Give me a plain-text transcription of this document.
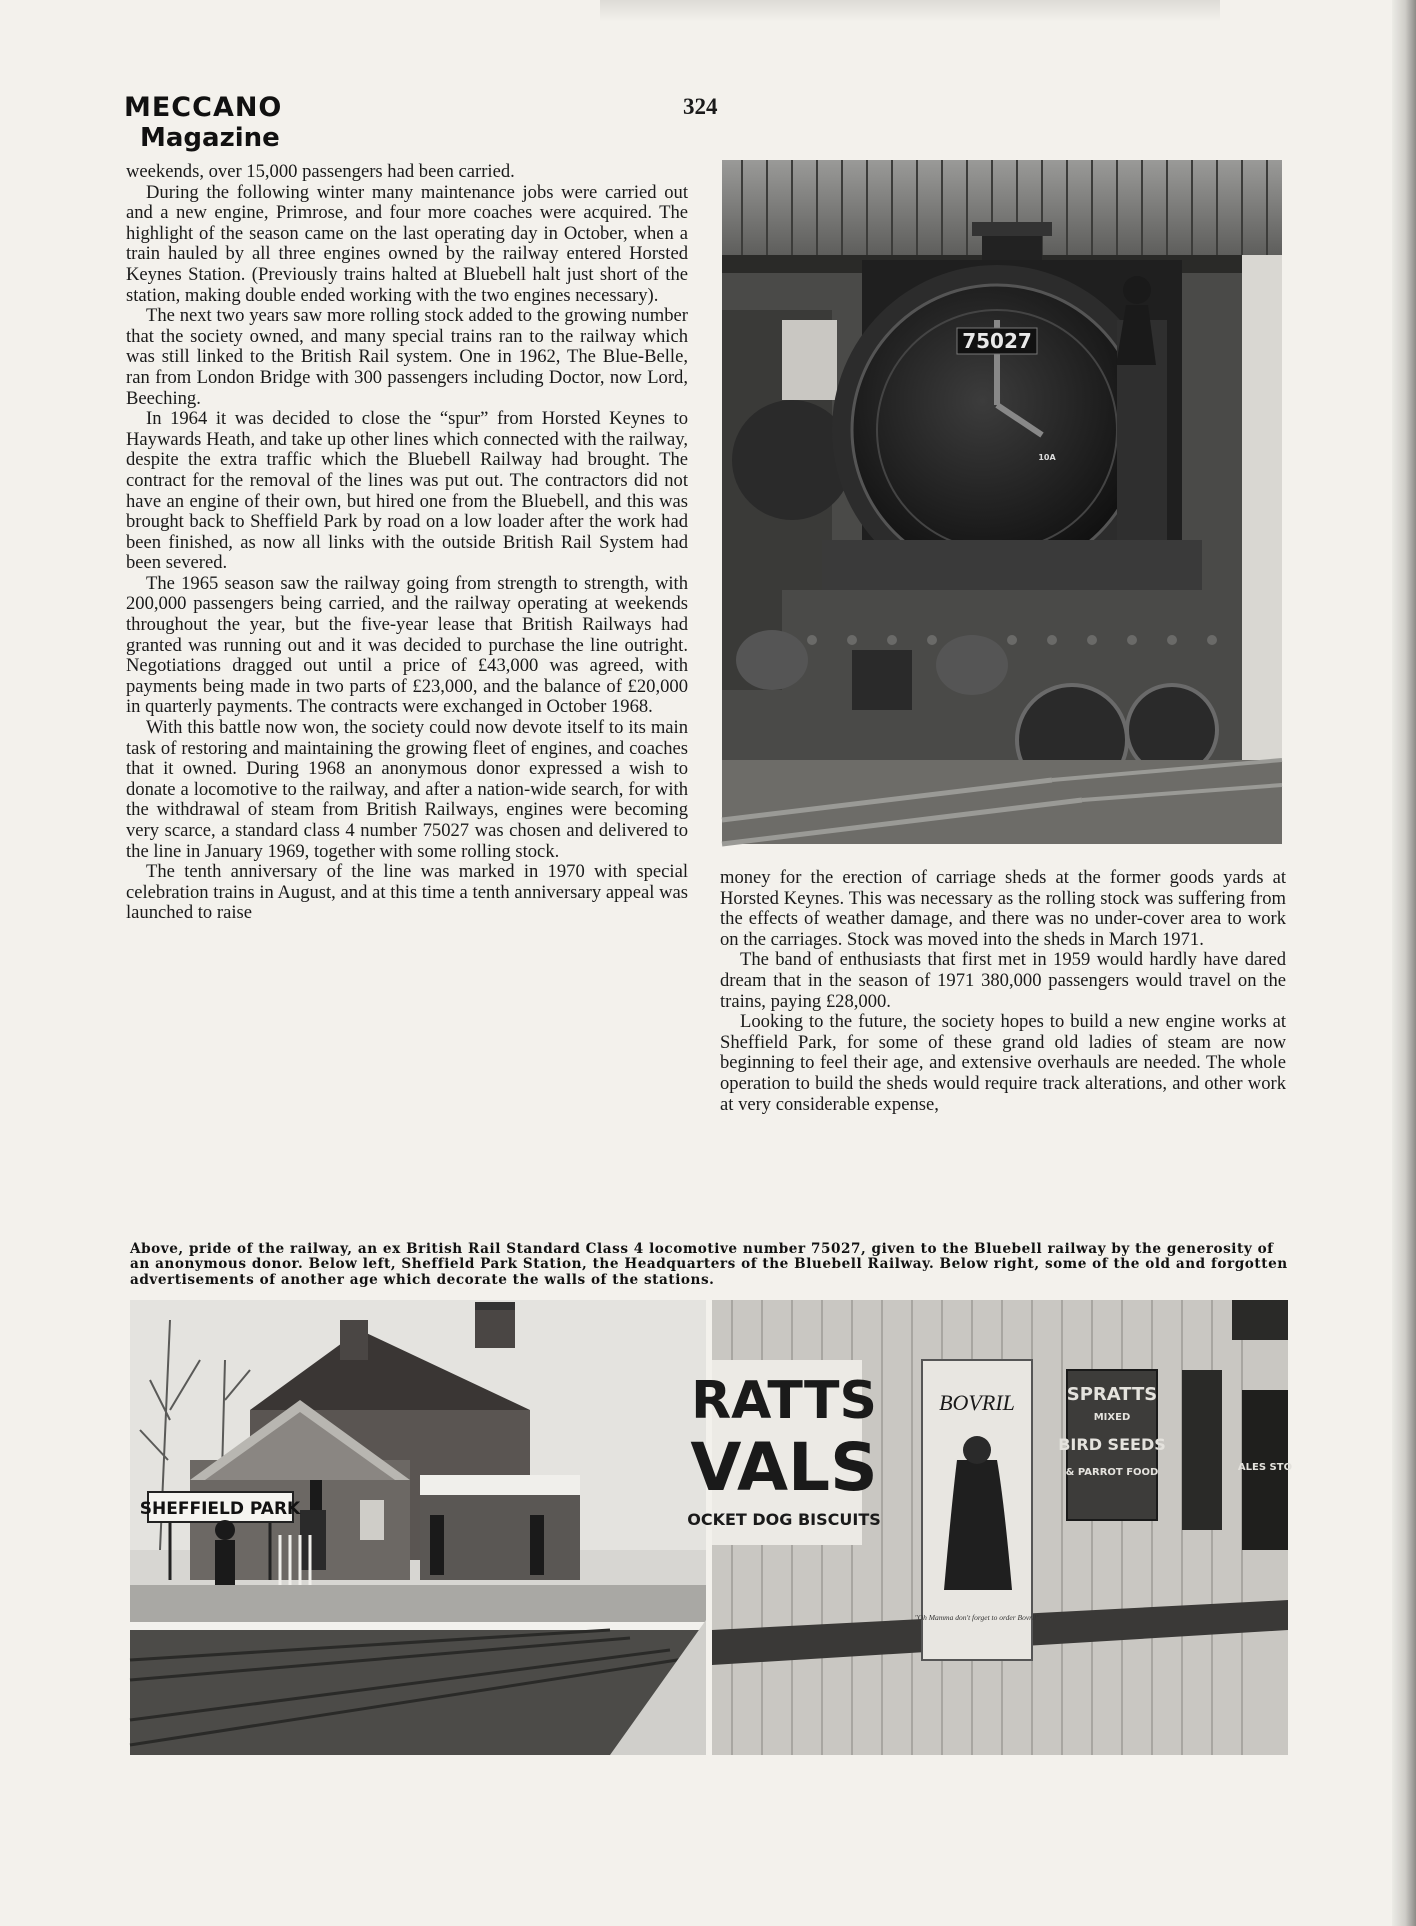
MECCANO
Magazine
324

weekends, over 15,000 passengers had been carried.

During the following winter many maintenance jobs were carried out and a new engine, Primrose, and four more coaches were acquired. The highlight of the season came on the last operating day in October, when a train hauled by all three engines owned by the railway entered Horsted Keynes Station. (Previously trains halted at Bluebell halt just short of the station, making double ended working with the two engines necessary).

The next two years saw more rolling stock added to the growing number that the society owned, and many special trains ran to the railway which was still linked to the British Rail system. One in 1962, The Blue-Belle, ran from London Bridge with 300 passengers including Doctor, now Lord, Beeching.

In 1964 it was decided to close the “spur” from Horsted Keynes to Haywards Heath, and take up other lines which connected with the railway, despite the extra traffic which the Bluebell Railway had brought. The contract for the removal of the lines was put out. The contractors did not have an engine of their own, but hired one from the Bluebell, and this was brought back to Sheffield Park by road on a low loader after the work had been finished, as now all links with the outside British Rail System had been severed.

The 1965 season saw the railway going from strength to strength, with 200,000 passengers being carried, and the railway operating at weekends throughout the year, but the five-year lease that British Railways had granted was running out and it was decided to purchase the line outright. Negotiations dragged out until a price of £43,000 was agreed, with payments being made in two parts of £23,000, and the balance of £20,000 in quarterly payments. The contracts were exchanged in October 1968.

With this battle now won, the society could now devote itself to its main task of restoring and maintaining the growing fleet of engines, and coaches that it owned. During 1968 an anonymous donor expressed a wish to donate a locomotive to the railway, and after a nation-wide search, for with the withdrawal of steam from British Railways, engines were becoming very scarce, a standard class 4 number 75027 was chosen and delivered to the line in January 1969, together with some rolling stock.

The tenth anniversary of the line was marked in 1970 with special celebration trains in August, and at this time a tenth anniversary appeal was launched to raise

75027
10A

money for the erection of carriage sheds at the former goods yards at Horsted Keynes. This was necessary as the rolling stock was suffering from the effects of weather damage, and there was no under-cover area to work on the carriages. Stock was moved into the sheds in March 1971.

The band of enthusiasts that first met in 1959 would hardly have dared dream that in the season of 1971 380,000 passengers would travel on the trains, paying £28,000.

Looking to the future, the society hopes to build a new engine works at Sheffield Park, for some of these grand old ladies of steam are now beginning to feel their age, and extensive overhauls are needed. The whole operation to build the sheds would require track alterations, and other work at very considerable expense,

Above, pride of the railway, an ex British Rail Standard Class 4 locomotive number 75027, given to the Bluebell railway by the generosity of an anonymous donor. Below left, Sheffield Park Station, the Headquarters of the Bluebell Railway. Below right, some of the old and forgotten advertisements of another age which decorate the walls of the stations.
SHEFFIELD PARK
RATTS
VALS
OCKET DOG BISCUITS
BOVRIL
"Oh Mamma don't forget to order Bovril"
SPRATTS
MIXED
BIRD SEEDS
& PARROT FOOD	ALES STO
